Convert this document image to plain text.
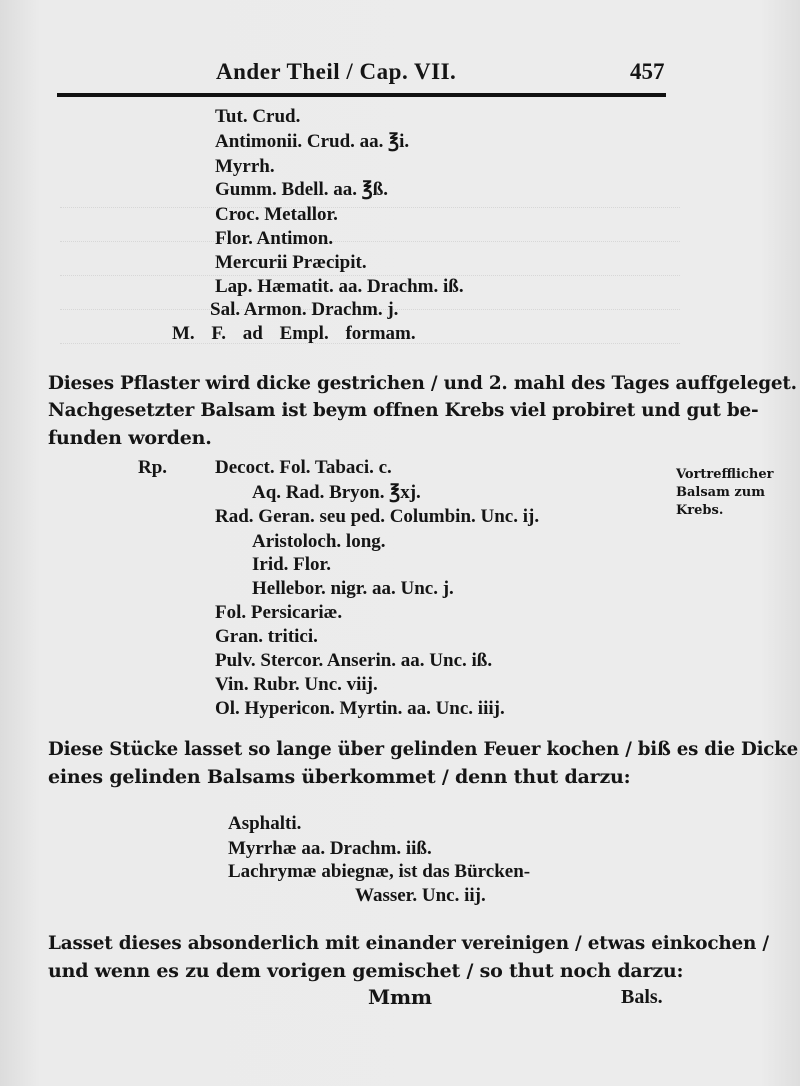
Ander Theil / Cap. VII.	457
Tut. Crud.
Antimonii. Crud. aa. ℥i.
Myrrh.
Gumm. Bdell. aa. ℥ß.
Croc. Metallor.
Flor. Antimon.
Mercurii Præcipit.
Lap. Hæmatit. aa. Drachm. iß.
Sal. Armon. Drachm. j.
M. F. ad Empl. formam.
Dieses Pflaster wird dicke gestrichen / und 2. mahl des Tages auffgeleget.
Nachgesetzter Balsam ist beym offnen Krebs viel probiret und gut be-
funden worden.
Rp.	Decoct. Fol. Tabaci. c.
Aq. Rad. Bryon. ℥xj.
Rad. Geran. seu ped. Columbin. Unc. ij.
Aristoloch. long.
Irid. Flor.
Hellebor. nigr. aa. Unc. j.
Fol. Persicariæ.
Gran. tritici.
Pulv. Stercor. Anserin. aa. Unc. iß.
Vin. Rubr. Unc. viij.
Ol. Hypericon. Myrtin. aa. Unc. iiij.
Vortrefflicher
Balsam zum
Krebs.
Diese Stücke lasset so lange über gelinden Feuer kochen / biß es die Dicke
eines gelinden Balsams überkommet / denn thut darzu:
Asphalti.
Myrrhæ aa. Drachm. iiß.
Lachrymæ abiegnæ, ist das Bürcken-
Wasser. Unc. iij.
Lasset dieses absonderlich mit einander vereinigen / etwas einkochen /
und wenn es zu dem vorigen gemischet / so thut noch darzu:
Mmm	Bals.
